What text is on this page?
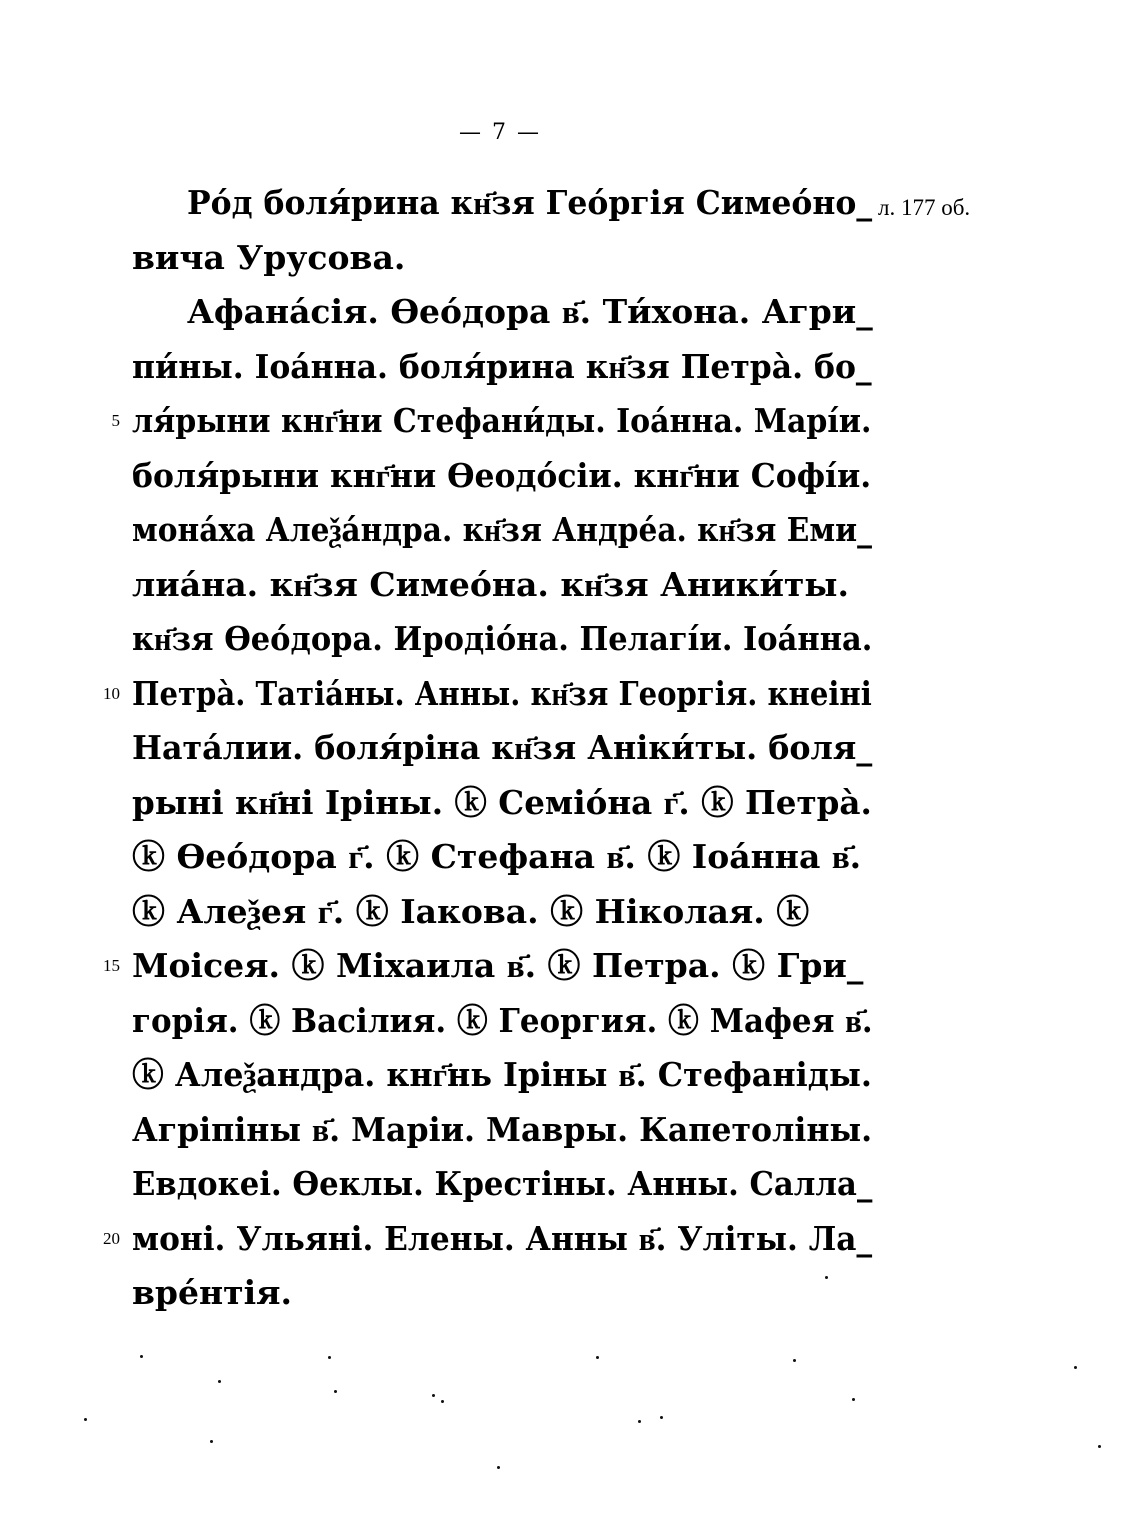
— 7 —
л. 177 об.
Ро́д боля́рина кн҃зя Гео́ргія Симео́но_
вича Урусова.
Афана́сія. Ѳео́дора в҃. Ти́хона. Агри_
пи́ны. Іоа́нна. боля́рина кн҃зя Петра̀. бо_
5 ля́рыни кнг҃ни Стефани́ды. Іоа́нна. Марі́и.
боля́рыни кнг҃ни Ѳеодо́сіи. кнг҃ни Софі́и.
мона́ха Алеѯа́ндра. кн҃зя Андре́а. кн҃зя Еми_
лиа́на. кн҃зя Симео́на. кн҃зя Аники́ты.
кн҃зя Ѳео́дора. Иродіо́на. Пелагі́и. Іоа́нна.
10 Петра̀. Татіа́ны. Анны. кн҃зя Георгія. кнеіні
Ната́лии. боля́ріна кн҃зя Аніки́ты. боля_
рыні кн҃ні Іріны. ⓚ Семіо́на г҃. ⓚ Петра̀.
ⓚ Ѳео́дора г҃. ⓚ Стефана в҃. ⓚ Іоа́нна в҃.
ⓚ Алеѯея г҃. ⓚ Іакова. ⓚ Ніколая. ⓚ
15 Моісея. ⓚ Міхаила в҃. ⓚ Петра. ⓚ Гри_
горія. ⓚ Васілия. ⓚ Георгия. ⓚ Мафея в҃.
ⓚ Алеѯандра. кнг҃нь Іріны в҃. Стефаніды.
Агріпіны в҃. Маріи. Мавры. Капетоліны.
Евдокеі. Ѳеклы. Крестіны. Анны. Салла_
20 моні. Ульяні. Елены. Анны в҃. Уліты. Ла_
вре́нтія.
